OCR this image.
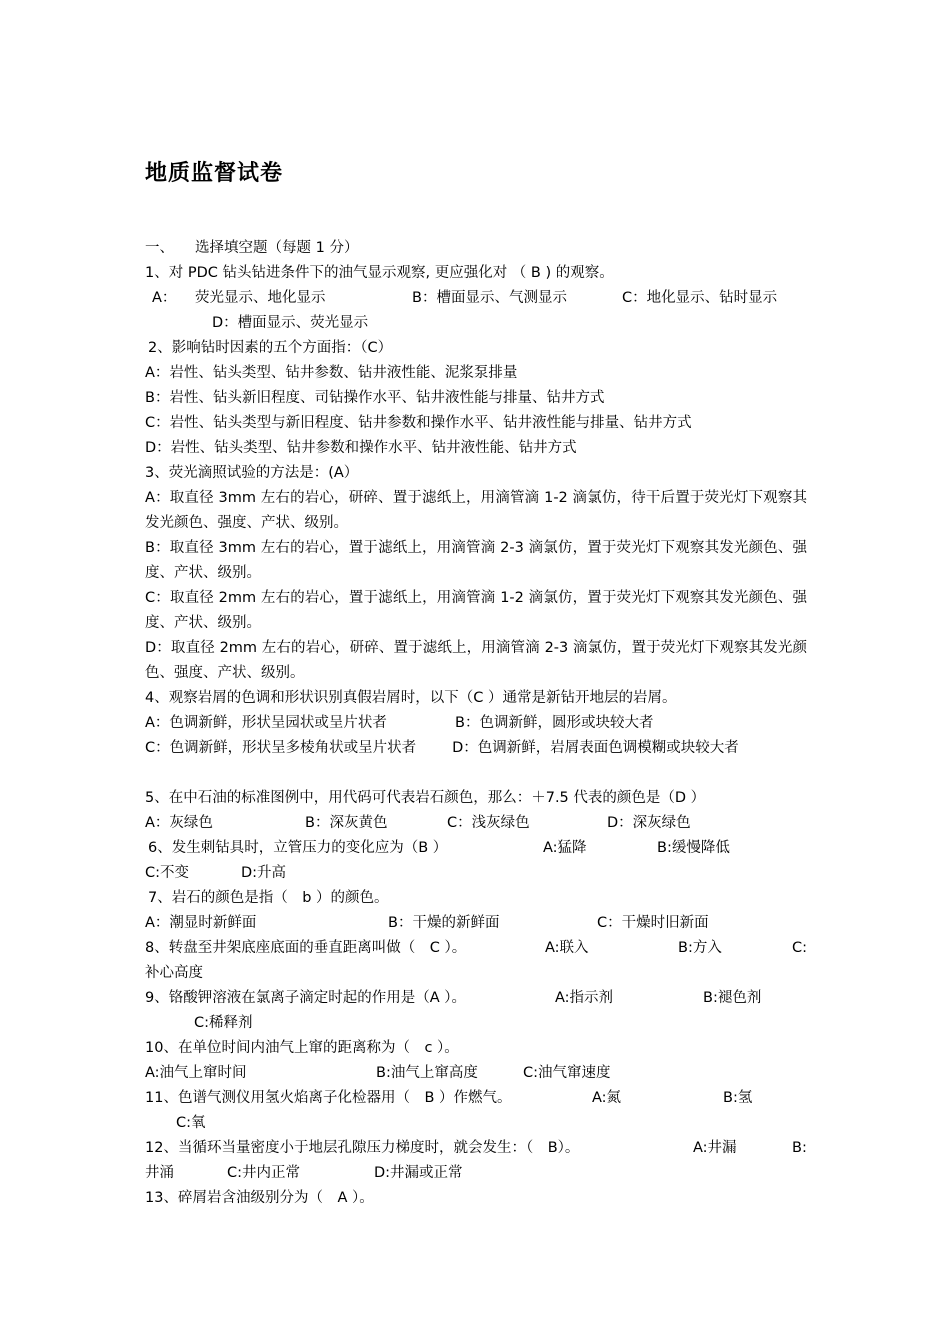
地质监督试卷
一、 选择填空题（每题 1 分）
1、对 PDC 钻头钻进条件下的油气显示观察, 更应强化对 （ B ) 的观察。
A： 荧光显示、地化显示	B：槽面显示、气测显示	C：地化显示、钻时显示
D：槽面显示、荧光显示
2、影响钻时因素的五个方面指：（C）
A：岩性、钻头类型、钻井参数、钻井液性能、泥浆泵排量
B：岩性、钻头新旧程度、司钻操作水平、钻井液性能与排量、钻井方式
C：岩性、钻头类型与新旧程度、钻井参数和操作水平、钻井液性能与排量、钻井方式
D：岩性、钻头类型、钻井参数和操作水平、钻井液性能、钻井方式
3、荧光滴照试验的方法是：(A）
A：取直径 3mm 左右的岩心，研碎、置于滤纸上，用滴管滴 1-2 滴氯仿，待干后置于荧光灯下观察其发光颜色、强度、产状、级别。
B：取直径 3mm 左右的岩心，置于滤纸上，用滴管滴 2-3 滴氯仿，置于荧光灯下观察其发光颜色、强度、产状、级别。
C：取直径 2mm 左右的岩心，置于滤纸上，用滴管滴 1-2 滴氯仿，置于荧光灯下观察其发光颜色、强度、产状、级别。
D：取直径 2mm 左右的岩心，研碎、置于滤纸上，用滴管滴 2-3 滴氯仿，置于荧光灯下观察其发光颜色、强度、产状、级别。
4、观察岩屑的色调和形状识别真假岩屑时，以下（C ）通常是新钻开地层的岩屑。
A：色调新鲜，形状呈园状或呈片状者	B：色调新鲜，圆形或块较大者
C：色调新鲜，形状呈多棱角状或呈片状者 D：色调新鲜，岩屑表面色调模糊或块较大者
5、在中石油的标准图例中，用代码可代表岩石颜色，那么：＋7.5 代表的颜色是（D ）
A：灰绿色	B：深灰黄色	C：浅灰绿色	D：深灰绿色
6、发生刺钻具时，立管压力的变化应为（B ）	A:猛降	B:缓慢降低
C:不变	D:升高
7、岩石的颜色是指（　b ）的颜色。
A：潮显时新鲜面	B：干燥的新鲜面	C：干燥时旧新面
8、转盘至井架底座底面的垂直距离叫做（　C ）。	A:联入	B:方入	C:
补心高度
9、铬酸钾溶液在氯离子滴定时起的作用是（A ）。	A:指示剂	B:褪色剂
C:稀释剂
10、在单位时间内油气上窜的距离称为（　c ）。
A:油气上窜时间	B:油气上窜高度	C:油气窜速度
11、色谱气测仪用氢火焰离子化检器用（　B ）作燃气。	A:氮	B:氢
C:氧
12、当循环当量密度小于地层孔隙压力梯度时，就会发生：（　B）。	A:井漏	B:
井涌	C:井内正常	D:井漏或正常
13、碎屑岩含油级别分为（　A ）。
